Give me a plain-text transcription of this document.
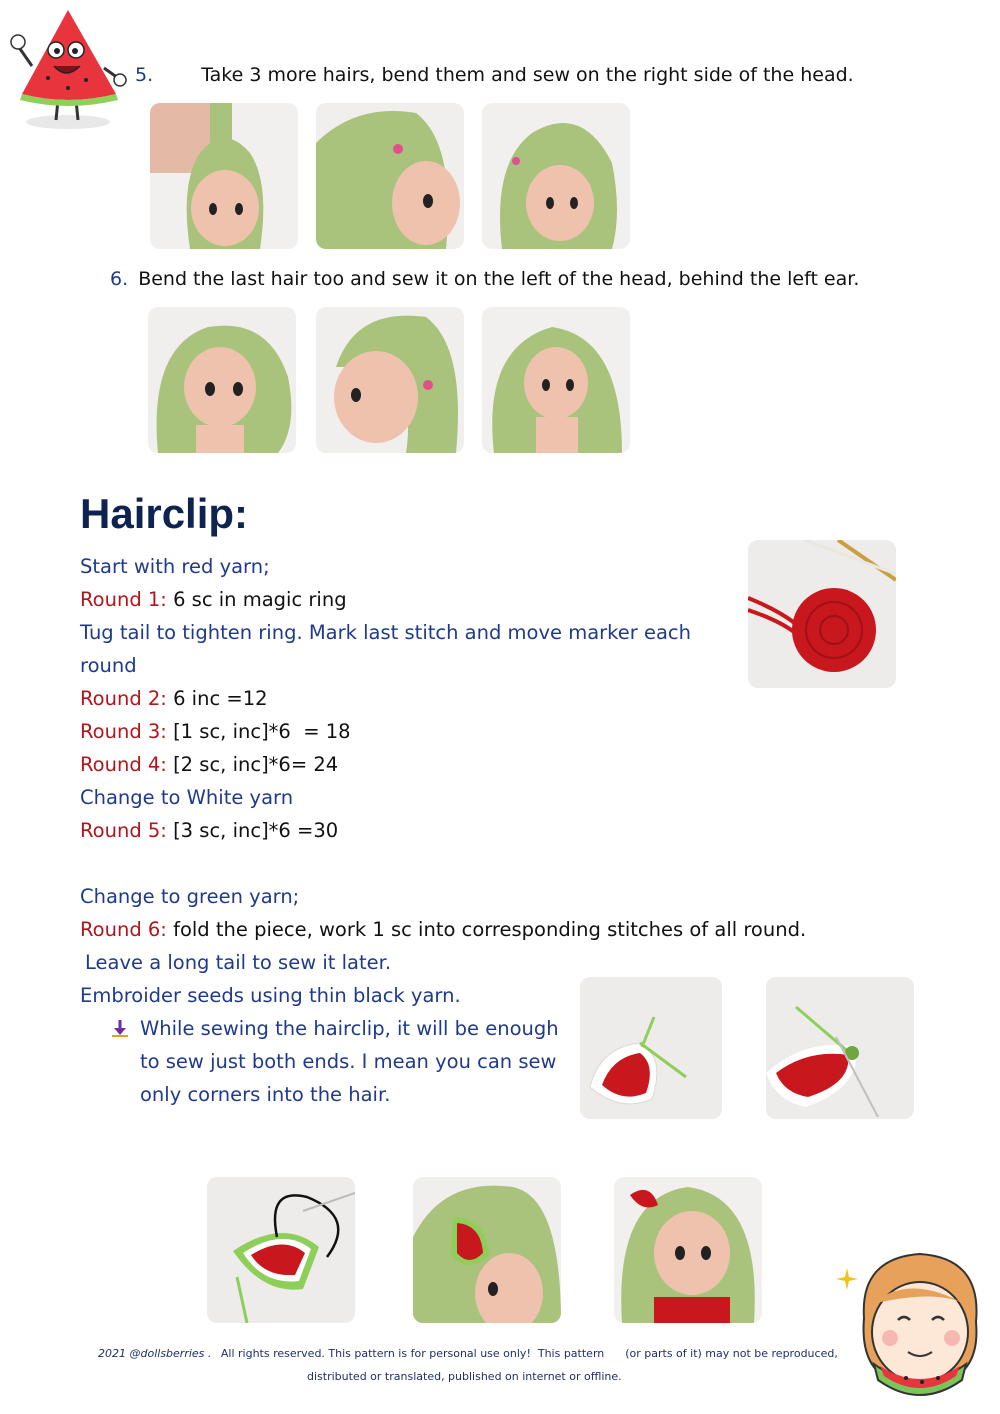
5.	Take 3 more hairs, bend them and sew on the right side of the head.
6. Bend the last hair too and sew it on the left of the head, behind the left ear.
Hairclip:
Start with red yarn;
Round 1: 6 sc in magic ring
Tug tail to tighten ring. Mark last stitch and move marker each
round
Round 2: 6 inc =12
Round 3: [1 sc, inc]*6  = 18
Round 4: [2 sc, inc]*6= 24
Change to White yarn
Round 5: [3 sc, inc]*6 =30
Change to green yarn;
Round 6: fold the piece, work 1 sc into corresponding stitches of all round.
Leave a long tail to sew it later.
Embroider seeds using thin black yarn.
While sewing the hairclip, it will be enough
to sew just both ends. I mean you can sew
only corners into the hair.
2021 @dollsberries . All rights reserved. This pattern is for personal use only!  This pattern      (or parts of it) may not be reproduced,
distributed or translated, published on internet or offline.
